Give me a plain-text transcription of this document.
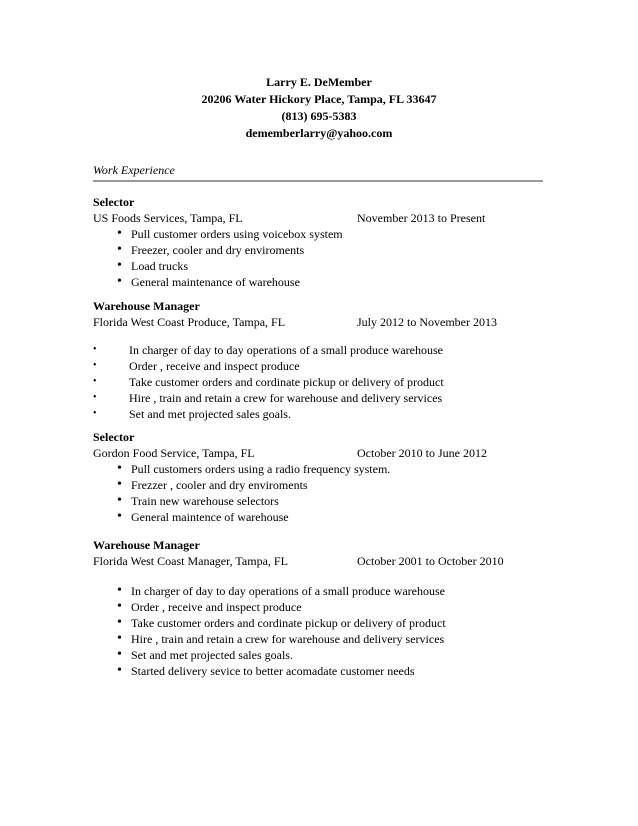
Larry E. DeMember
20206 Water Hickory Place, Tampa, FL 33647
(813) 695-5383
dememberlarry@yahoo.com
Work Experience
Selector
US Foods Services, Tampa, FL	November 2013 to Present
• Pull customer orders using voicebox system
• Freezer, cooler and dry enviroments
• Load trucks
• General maintenance of warehouse
Warehouse Manager
Florida West Coast Produce, Tampa, FL	July 2012 to November 2013
• In charger of day to day operations of a small produce warehouse
• Order , receive and inspect produce
• Take customer orders and cordinate pickup or delivery of product
• Hire , train and retain a crew for warehouse and delivery services
• Set and met projected sales goals.
Selector
Gordon Food Service, Tampa, FL	October 2010 to June 2012
• Pull customers orders using a radio frequency system.
• Frezzer , cooler and dry enviroments
• Train new warehouse selectors
• General maintence of warehouse
Warehouse Manager
Florida West Coast Manager, Tampa, FL	October 2001 to October 2010
• In charger of day to day operations of a small produce warehouse
• Order , receive and inspect produce
• Take customer orders and cordinate pickup or delivery of product
• Hire , train and retain a crew for warehouse and delivery services
• Set and met projected sales goals.
• Started delivery sevice to better acomadate customer needs
